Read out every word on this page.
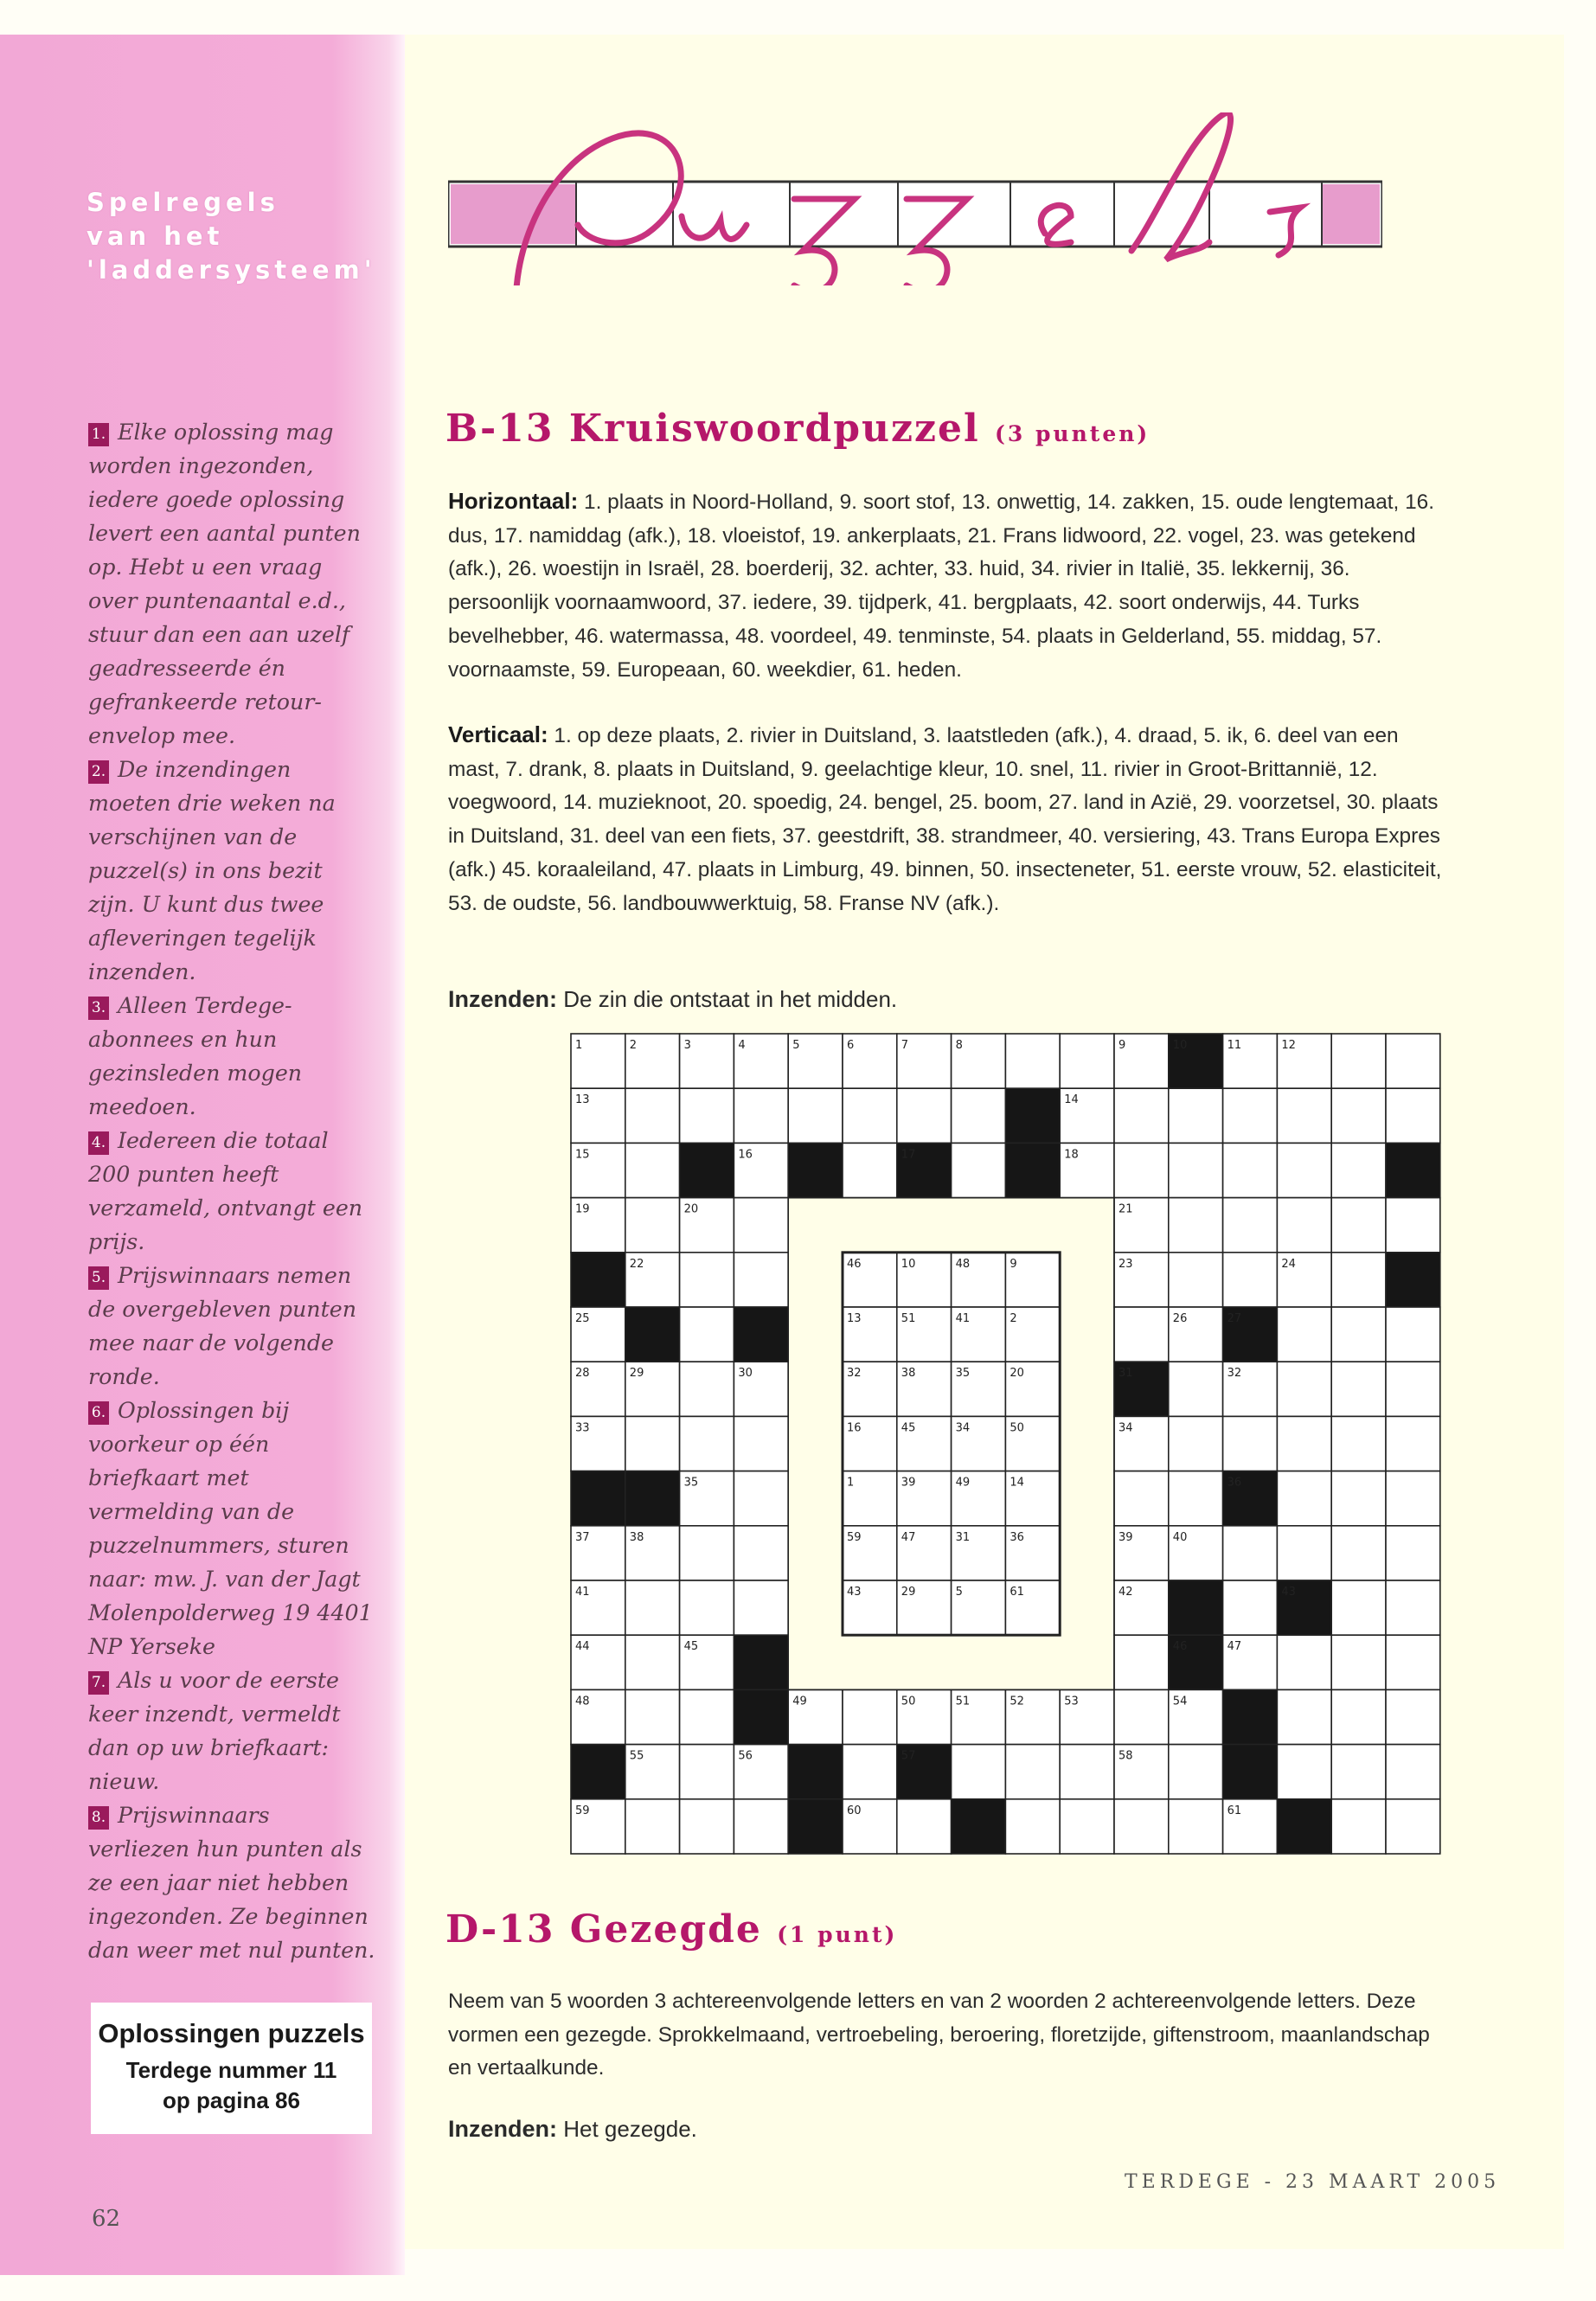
Spelregels
van het
'laddersysteem'
1. Elke oplossing mag worden ingezonden, iedere goede oplossing levert een aantal punten op. Hebt u een vraag over puntenaantal e.d., stuur dan een aan uzelf geadresseerde én gefrankeerde retour-envelop mee.
2. De inzendingen moeten drie weken na verschijnen van de puzzel(s) in ons bezit zijn. U kunt dus twee afleveringen tegelijk inzenden.
3. Alleen Terdege-abonnees en hun gezinsleden mogen meedoen.
4. Iedereen die totaal 200 punten heeft verzameld, ontvangt een prijs.
5. Prijswinnaars nemen de overgebleven punten mee naar de volgende ronde.
6. Oplossingen bij voorkeur op één briefkaart met vermelding van de puzzelnummers, sturen naar: mw. J. van der Jagt Molenpolderweg 19 4401 NP Yerseke
7. Als u voor de eerste keer inzendt, vermeldt dan op uw briefkaart: nieuw.
8. Prijswinnaars verliezen hun punten als ze een jaar niet hebben ingezonden. Ze beginnen dan weer met nul punten.
Oplossingen puzzels
Terdege nummer 11
op pagina 86
62
B-13 Kruiswoordpuzzel (3 punten)
Horizontaal: 1. plaats in Noord-Holland, 9. soort stof, 13. onwettig, 14. zakken, 15. oude lengtemaat, 16. dus, 17. namiddag (afk.), 18. vloeistof, 19. ankerplaats, 21. Frans lidwoord, 22. vogel, 23. was getekend (afk.), 26. woestijn in Israël, 28. boerderij, 32. achter, 33. huid, 34. rivier in Italië, 35. lekkernij, 36. persoonlijk voornaamwoord, 37. iedere, 39. tijdperk, 41. bergplaats, 42. soort onderwijs, 44. Turks bevelhebber, 46. watermassa, 48. voordeel, 49. tenminste, 54. plaats in Gelderland, 55. middag, 57. voornaamste, 59. Europeaan, 60. weekdier, 61. heden.
Verticaal: 1. op deze plaats, 2. rivier in Duitsland, 3. laatstleden (afk.), 4. draad, 5. ik, 6. deel van een mast, 7. drank, 8. plaats in Duitsland, 9. geelachtige kleur, 10. snel, 11. rivier in Groot-Brittannië, 12. voegwoord, 14. muzieknoot, 20. spoedig, 24. bengel, 25. boom, 27. land in Azië, 29. voorzetsel, 30. plaats in Duitsland, 31. deel van een fiets, 37. geestdrift, 38. strandmeer, 40. versiering, 43. Trans Europa Expres (afk.) 45. koraaleiland, 47. plaats in Limburg, 49. binnen, 50. insecteneter, 51. eerste vrouw, 52. elasticiteit, 53. de oudste, 56. landbouwwerktuig, 58. Franse NV (afk.).
Inzenden: De zin die ontstaat in het midden.
1	2	3	4	5	6	7	8	9	10	11	12
13	14
15	16	17	18
19	20	21
22	23	24
25	26	27
28	29	30	31	32
33	34
35	36
37	38	39	40
41	42	43
44	45	46	47
48	49	50	51	52	53	54
55	56	57	58
59	60	61
46	10	48	9
13	51	41	2
32	38	35	20
16	45	34	50
1	39	49	14
59	47	31	36
43	29	5	61
D-13 Gezegde (1 punt)
Neem van 5 woorden 3 achtereenvolgende letters en van 2 woorden 2 achtereenvolgende letters. Deze vormen een gezegde. Sprokkelmaand, vertroebeling, beroering, floretzijde, giftenstroom, maanlandschap en vertaalkunde.
Inzenden: Het gezegde.
TERDEGE - 23 MAART 2005
